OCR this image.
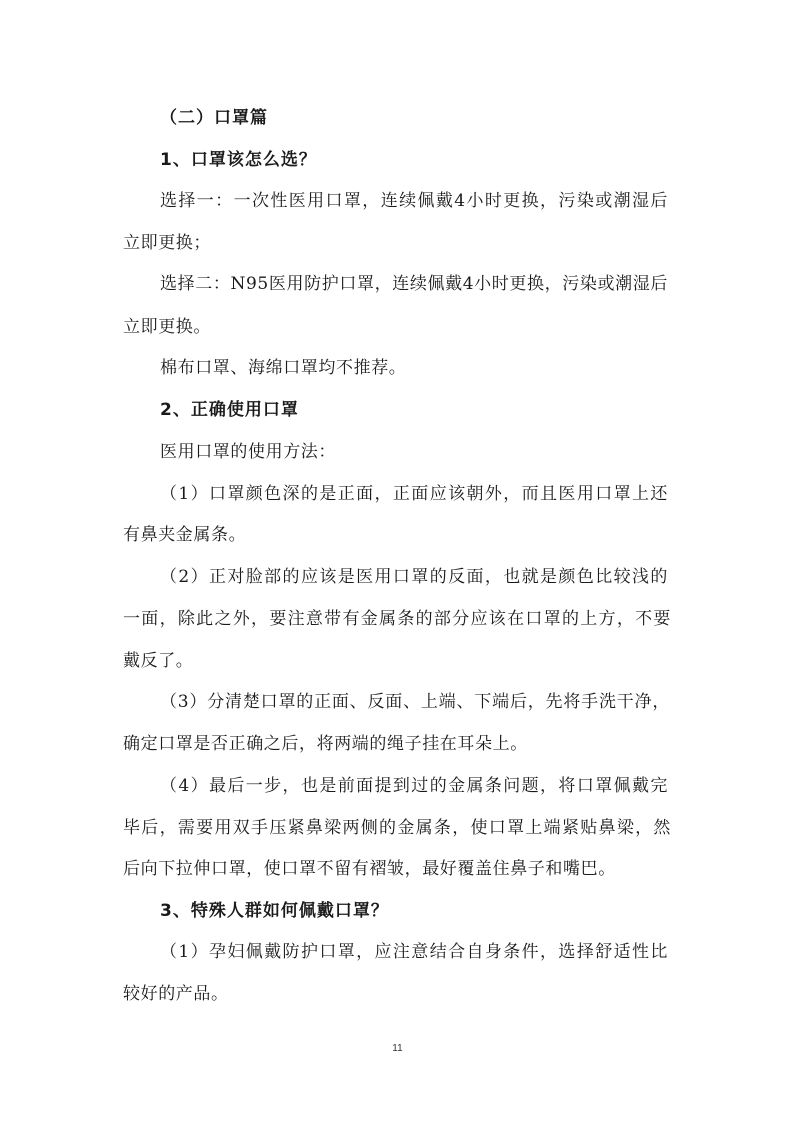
（二）口罩篇
1、口罩该怎么选？
选择一：一次性医用口罩，连续佩戴4小时更换，污染或潮湿后
立即更换；
选择二：N95医用防护口罩，连续佩戴4小时更换，污染或潮湿后
立即更换。
棉布口罩、海绵口罩均不推荐。
2、正确使用口罩
医用口罩的使用方法：
（1）口罩颜色深的是正面，正面应该朝外，而且医用口罩上还
有鼻夹金属条。
（2）正对脸部的应该是医用口罩的反面，也就是颜色比较浅的
一面，除此之外，要注意带有金属条的部分应该在口罩的上方，不要
戴反了。
（3）分清楚口罩的正面、反面、上端、下端后，先将手洗干净，
确定口罩是否正确之后，将两端的绳子挂在耳朵上。
（4）最后一步，也是前面提到过的金属条问题，将口罩佩戴完
毕后，需要用双手压紧鼻梁两侧的金属条，使口罩上端紧贴鼻梁，然
后向下拉伸口罩，使口罩不留有褶皱，最好覆盖住鼻子和嘴巴。
3、特殊人群如何佩戴口罩？
（1）孕妇佩戴防护口罩，应注意结合自身条件，选择舒适性比
较好的产品。
11
